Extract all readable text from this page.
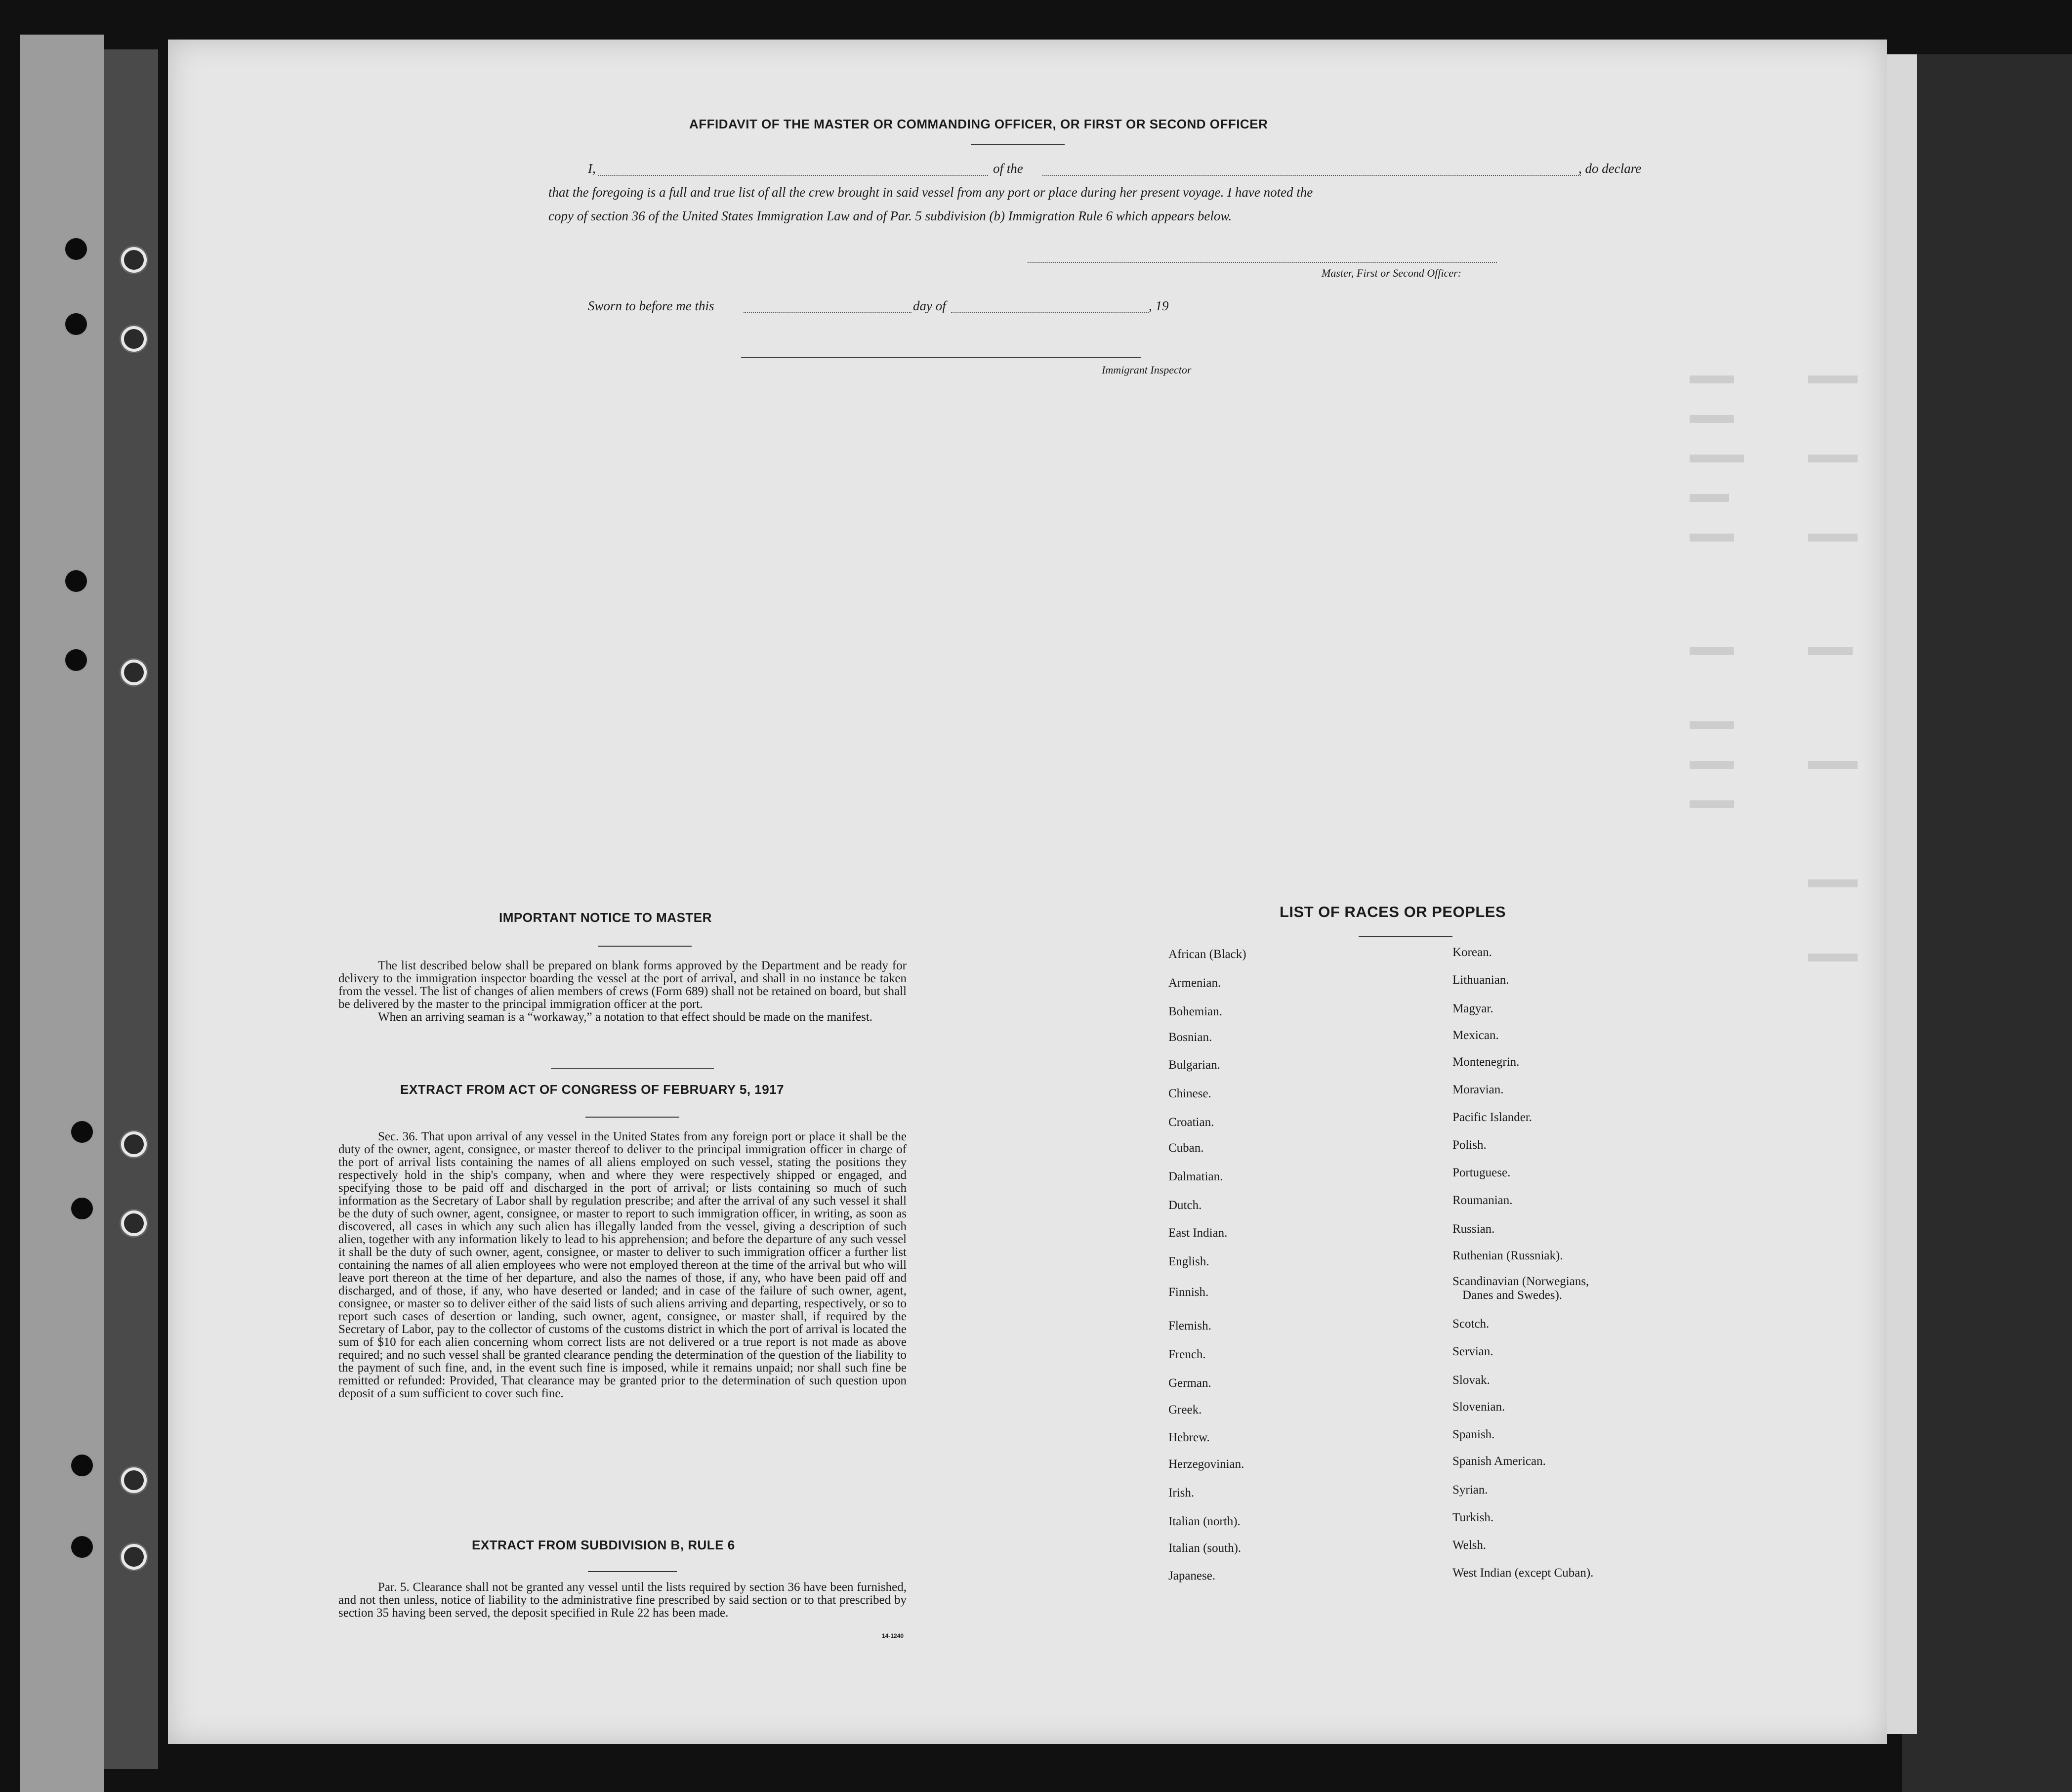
AFFIDAVIT OF THE MASTER OR COMMANDING OFFICER, OR FIRST OR SECOND OFFICER
I,	of the	, do declare
that the foregoing is a full and true list of all the crew brought in said vessel from any port or place during her present voyage. I have noted the
copy of section 36 of the United States Immigration Law and of Par. 5 subdivision (b) Immigration Rule 6 which appears below.
Master, First or Second Officer:
Sworn to before me this	day of	, 19
Immigrant Inspector
IMPORTANT NOTICE TO MASTER
The list described below shall be prepared on blank forms approved by the Department and be ready for delivery to the immigration inspector boarding the vessel at the port of arrival, and shall in no instance be taken from the vessel. The list of changes of alien members of crews (Form 689) shall not be retained on board, but shall be delivered by the master to the principal immigration officer at the port.
When an arriving seaman is a “workaway,” a notation to that effect should be made on the manifest.
EXTRACT FROM ACT OF CONGRESS OF FEBRUARY 5, 1917
Sec. 36. That upon arrival of any vessel in the United States from any foreign port or place it shall be the duty of the owner, agent, consignee, or master thereof to deliver to the principal immigration officer in charge of the port of arrival lists containing the names of all aliens employed on such vessel, stating the positions they respectively hold in the ship's company, when and where they were respectively shipped or engaged, and specifying those to be paid off and discharged in the port of arrival; or lists containing so much of such information as the Secretary of Labor shall by regulation prescribe; and after the arrival of any such vessel it shall be the duty of such owner, agent, consignee, or master to report to such immigration officer, in writing, as soon as discovered, all cases in which any such alien has illegally landed from the vessel, giving a description of such alien, together with any information likely to lead to his apprehension; and before the departure of any such vessel it shall be the duty of such owner, agent, consignee, or master to deliver to such immigration officer a further list containing the names of all alien employees who were not employed thereon at the time of the arrival but who will leave port thereon at the time of her departure, and also the names of those, if any, who have been paid off and discharged, and of those, if any, who have deserted or landed; and in case of the failure of such owner, agent, consignee, or master so to deliver either of the said lists of such aliens arriving and departing, respectively, or so to report such cases of desertion or landing, such owner, agent, consignee, or master shall, if required by the Secretary of Labor, pay to the collector of customs of the customs district in which the port of arrival is located the sum of $10 for each alien concerning whom correct lists are not delivered or a true report is not made as above required; and no such vessel shall be granted clearance pending the determination of the question of the liability to the payment of such fine, and, in the event such fine is imposed, while it remains unpaid; nor shall such fine be remitted or refunded: Provided, That clearance may be granted prior to the determination of such question upon deposit of a sum sufficient to cover such fine.
EXTRACT FROM SUBDIVISION B, RULE 6
Par. 5. Clearance shall not be granted any vessel until the lists required by section 36 have been furnished, and not then unless, notice of liability to the administrative fine prescribed by said section or to that prescribed by section 35 having been served, the deposit specified in Rule 22 has been made.
14-1240
LIST OF RACES OR PEOPLES
African (Black)
Armenian.
Bohemian.
Bosnian.
Bulgarian.
Chinese.
Croatian.
Cuban.
Dalmatian.
Dutch.
East Indian.
English.
Finnish.
Flemish.
French.
German.
Greek.
Hebrew.
Herzegovinian.
Irish.
Italian (north).
Italian (south).
Japanese.
Korean.
Lithuanian.
Magyar.
Mexican.
Montenegrin.
Moravian.
Pacific Islander.
Polish.
Portuguese.
Roumanian.
Russian.
Ruthenian (Russniak).
Scandinavian (Norwegians,
Danes and Swedes).
Scotch.
Servian.
Slovak.
Slovenian.
Spanish.
Spanish American.
Syrian.
Turkish.
Welsh.
West Indian (except Cuban).
